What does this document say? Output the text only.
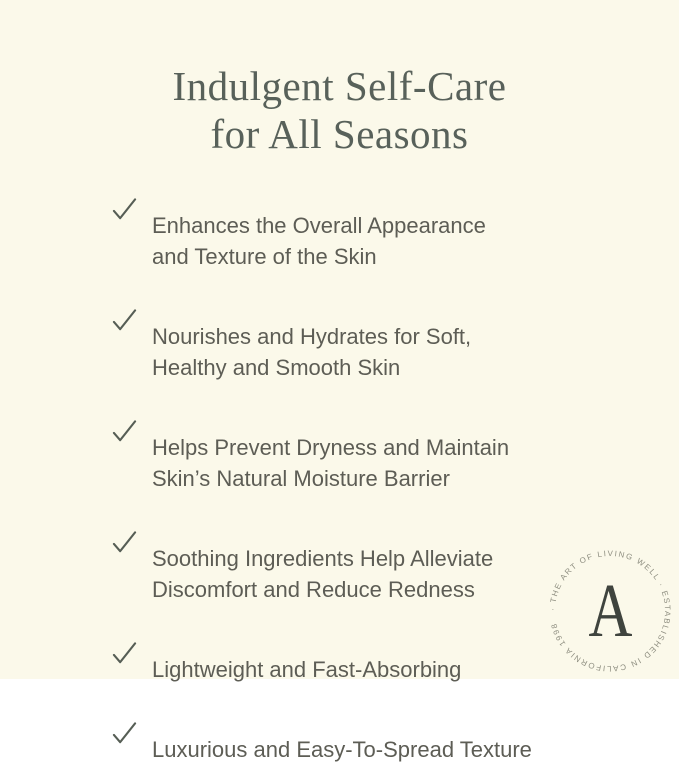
Indulgent Self-Care
for All Seasons

Enhances the Overall Appearance
and Texture of the Skin

Nourishes and Hydrates for Soft,
Healthy and Smooth Skin

Helps Prevent Dryness and Maintain
Skin’s Natural Moisture Barrier

Soothing Ingredients Help Alleviate
Discomfort and Reduce Redness

Lightweight and Fast-Absorbing

Luxurious and Easy-To-Spread Texture

· THE ART OF LIVING WELL · ESTABLISHED IN CALIFORNIA 1998 A
